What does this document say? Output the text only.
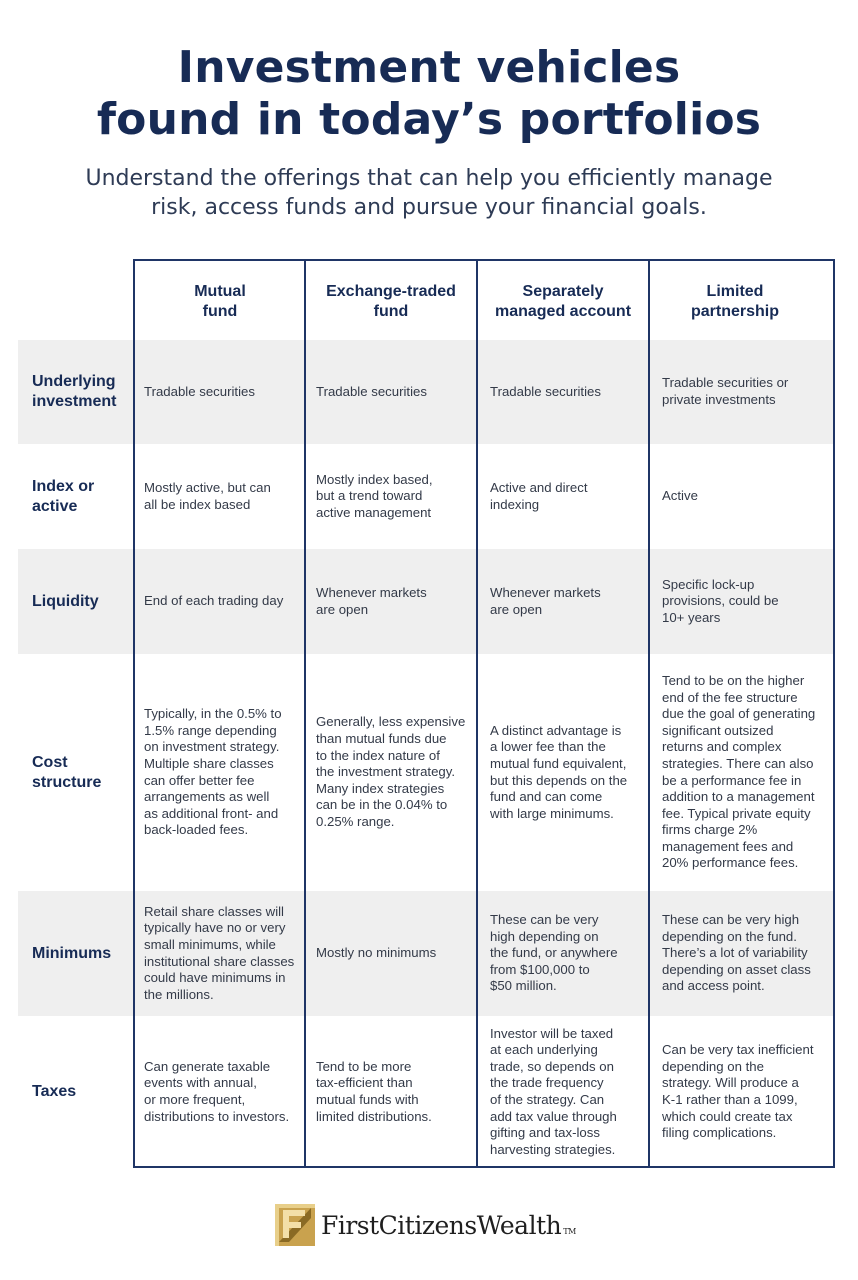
Investment vehicles
found in today’s portfolios

Understand the offerings that can help you efficiently manage
risk, access funds and pursue your financial goals.

Mutual
fund
Exchange-traded
fund
Separately
managed account
Limited
partnership
Underlying
investment
Index or
active
Liquidity
Cost
structure
Minimums
Taxes
Tradable securities	Tradable securities	Tradable securities
Tradable securities or
private investments
Mostly active, but can
all be index based
Mostly index based,
but a trend toward
active management
Active and direct
indexing
Active
End of each trading day
Whenever markets
are open
Whenever markets
are open
Specific lock-up
provisions, could be
10+ years
Typically, in the 0.5% to
1.5% range depending
on investment strategy.
Multiple share classes
can offer better fee
arrangements as well
as additional front- and
back-loaded fees.
Generally, less expensive
than mutual funds due
to the index nature of
the investment strategy.
Many index strategies
can be in the 0.04% to
0.25% range.
A distinct advantage is
a lower fee than the
mutual fund equivalent,
but this depends on the
fund and can come
with large minimums.
Tend to be on the higher
end of the fee structure
due the goal of generating
significant outsized
returns and complex
strategies. There can also
be a performance fee in
addition to a management
fee. Typical private equity
firms charge 2%
management fees and
20% performance fees.
Retail share classes will
typically have no or very
small minimums, while
institutional share classes
could have minimums in
the millions.
Mostly no minimums
These can be very
high depending on
the fund, or anywhere
from $100,000 to
$50 million.
These can be very high
depending on the fund.
There’s a lot of variability
depending on asset class
and access point.
Can generate taxable
events with annual,
or more frequent,
distributions to investors.
Tend to be more
tax-efficient than
mutual funds with
limited distributions.
Investor will be taxed
at each underlying
trade, so depends on
the trade frequency
of the strategy. Can
add tax value through
gifting and tax-loss
harvesting strategies.
Can be very tax inefficient
depending on the
strategy. Will produce a
K-1 rather than a 1099,
which could create tax
filing complications.
FirstCitizensWealth TM
